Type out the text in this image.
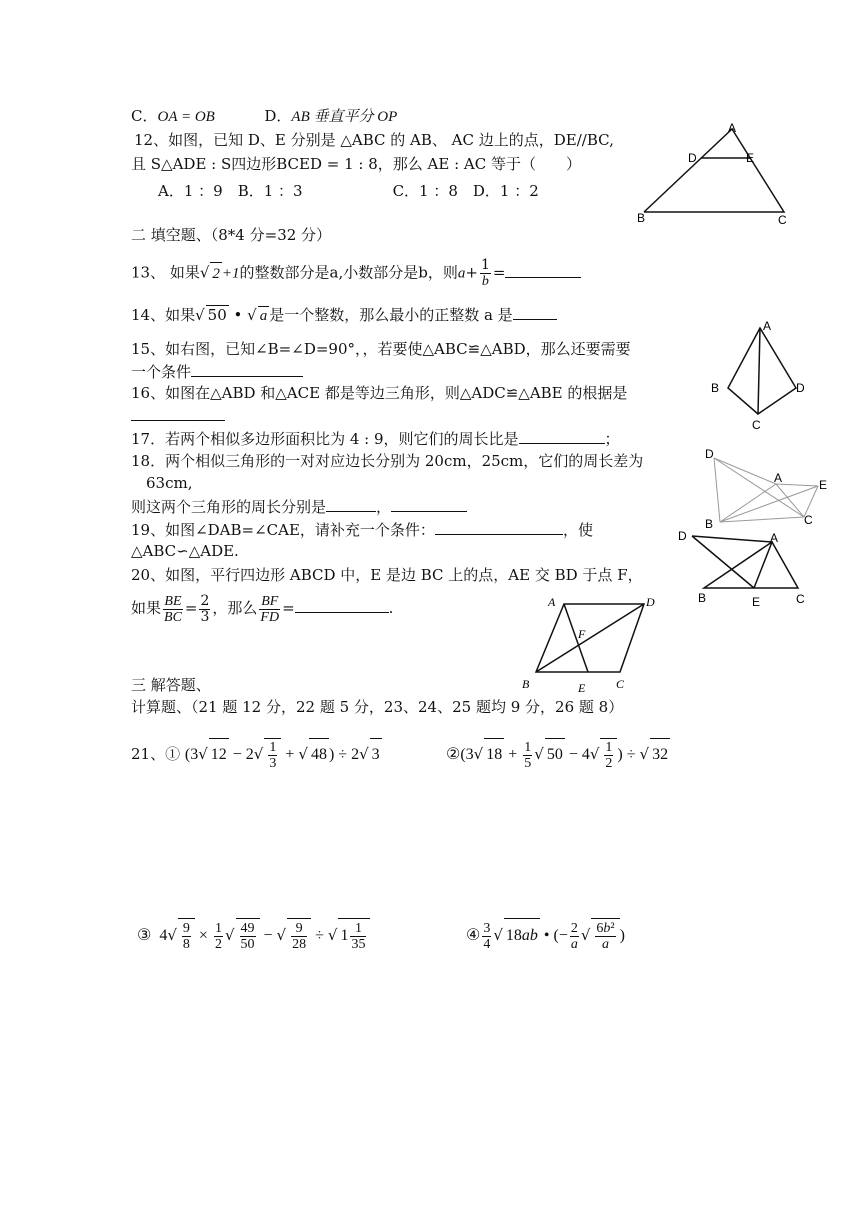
C．OA = OB	D．AB 垂直平分 OP
12、如图，已知 D、E 分别是 △ABC 的 AB、 AC 边上的点，DE//BC,
且 S△ADE : S四边形BCED = 1 : 8，那么 AE : AC 等于（　　）
A．1 ：9　B．1 ：3　　　　　　C．1 ：8　D．1 ：2
A
D	E
B	C
二 填空题、（8*4 分=32 分）
13、 如果√ 2 +1的整数部分是a,小数部分是b，则$a+ \frac{1}{b}$ =
14、如果√ 50 • √ a 是一个整数，那么最小的正整数 a 是
15、如右图，已知∠B=∠D=90°，，若要使△ABC≌△ABD，那么还要需要
一个条件
A
B	D
C
16、如图在△ABD 和△ACE 都是等边三角形，则△ADC≌△ABE 的根据是
17．若两个相似多边形面积比为 4 : 9，则它们的周长比是	；
D
A	E
B	C
18．两个相似三角形的一对对应边长分别为 20cm，25cm，它们的周长差为
63cm,
则这两个三角形的周长分别是	，
19、如图∠DAB=∠CAE，请补充一个条件：	，使
△ABC∽△ADE.
D	A
B	E	C
20、如图，平行四边形 ABCD 中，E 是边 BC 上的点，AE 交 BD 于点 F，
如果 $\frac{BE}{BC} = \frac{2}{3}$ ，那么 $\frac{BF}{FD}$ =	.	A	D
F
B	E	C
三 解答题、
计算题、（21 题 12 分，22 题 5 分，23、24、25 题均 9 分，26 题 8）
21、① (3√ $12 - 2√ \frac{1}{3}$ + √ 48 ) ÷ 2√ 3	②(3√ $18 + \frac{1}{5}$ √ $50 - 4√ \frac{1}{2}$ ) ÷ √ 32
③  $4√ \frac{9}{8} \times \frac{1}{2}$ √ $\frac{49}{50}$ − √ $\frac{9}{28}$ ÷ √ $1 \frac{1}{35}$	④ $\frac{3}{4}$ √ 18ab • (− $\frac{2}{a}$ √ $\frac{\text{6b²}}{a}$ )
